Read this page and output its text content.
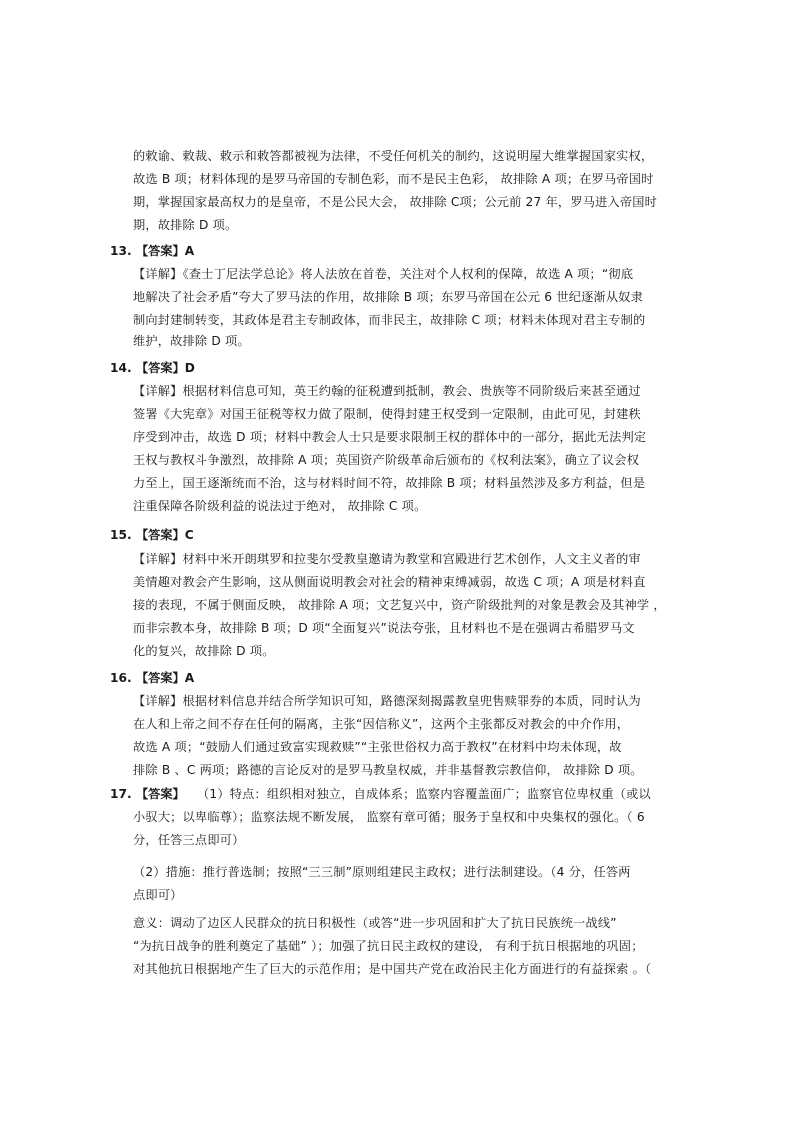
的敕谕、敕裁、敕示和敕答都被视为法律，不受任何机关的制约，这说明屋大维掌握国家实权，
故选 B 项；材料体现的是罗马帝国的专制色彩，而不是民主色彩， 故排除 A 项；在罗马帝国时
期，掌握国家最高权力的是皇帝，不是公民大会， 故排除 C项；公元前 27 年，罗马进入帝国时
期，故排除 D 项。
13. 【答案】A
【详解】《查士丁尼法学总论》将人法放在首卷，关注对个人权利的保障，故选 A 项；“彻底
地解决了社会矛盾”夸大了罗马法的作用，故排除 B 项；东罗马帝国在公元 6 世纪逐渐从奴隶
制向封建制转变，其政体是君主专制政体，而非民主，故排除 C 项；材料未体现对君主专制的
维护，故排除 D 项。
14. 【答案】D
【详解】根据材料信息可知，英王约翰的征税遭到抵制，教会、贵族等不同阶级后来甚至通过
签署《大宪章》对国王征税等权力做了限制，使得封建王权受到一定限制，由此可见，封建秩
序受到冲击，故选 D 项；材料中教会人士只是要求限制王权的群体中的一部分，据此无法判定
王权与教权斗争激烈，故排除 A 项；英国资产阶级革命后颁布的《权利法案》，确立了议会权
力至上，国王逐渐统而不治，这与材料时间不符，故排除 B 项；材料虽然涉及多方利益，但是
注重保障各阶级利益的说法过于绝对， 故排除 C 项。
15. 【答案】C
【详解】材料中米开朗琪罗和拉斐尔受教皇邀请为教堂和宫殿进行艺术创作，人文主义者的审
美情趣对教会产生影响，这从侧面说明教会对社会的精神束缚减弱，故选 C 项；A 项是材料直
接的表现，不属于侧面反映， 故排除 A 项；文艺复兴中，资产阶级批判的对象是教会及其神学 ，
而非宗教本身，故排除 B 项；D 项“全面复兴”说法夸张，且材料也不是在强调古希腊罗马文
化的复兴，故排除 D 项。
16. 【答案】A
【详解】根据材料信息并结合所学知识可知，路德深刻揭露教皇兜售赎罪券的本质，同时认为
在人和上帝之间不存在任何的隔离，主张“因信称义”，这两个主张都反对教会的中介作用，
故选 A 项；“鼓励人们通过致富实现救赎”“主张世俗权力高于教权”在材料中均未体现，故
排除 B 、C 两项；路德的言论反对的是罗马教皇权威，并非基督教宗教信仰， 故排除 D 项。
17. 【答案】 （1）特点：组织相对独立，自成体系；监察内容覆盖面广；监察官位卑权重（或以
小驭大；以卑临尊）；监察法规不断发展， 监察有章可循；服务于皇权和中央集权的强化。（ 6
分，任答三点即可）
（2）措施：推行普选制；按照“三三制”原则组建民主政权；进行法制建设。（4 分，任答两
点即可）
意义：调动了边区人民群众的抗日积极性（或答“进一步巩固和扩大了抗日民族统一战线”
“为抗日战争的胜利奠定了基础” ）；加强了抗日民主政权的建设， 有利于抗日根据地的巩固；
对其他抗日根据地产生了巨大的示范作用；是中国共产党在政治民主化方面进行的有益探索 。（
